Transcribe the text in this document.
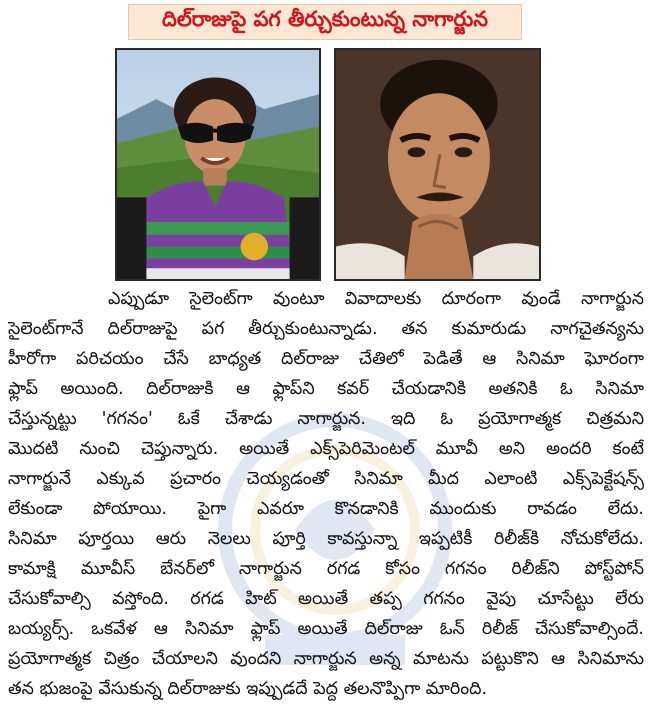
దిల్‌రాజుపై పగ తీర్చుకుంటున్న నాగార్జున
ఎప్పుడూ సైలెంట్‌గా వుంటూ వివాదాలకు దూరంగా వుండే నాగార్జున
సైలెంట్‌గానే దిల్‌రాజుపై పగ తీర్చుకుంటున్నాడు. తన కుమారుడు నాగచైతన్యను
హీరోగా పరిచయం చేసే బాధ్యత దిల్‌రాజు చేతిలో పెడితే ఆ సినిమా ఘోరంగా
ఫ్లాప్ అయింది. దిల్‌రాజుకి ఆ ఫ్లాప్‌ని కవర్ చేయడానికి అతనికి ఓ సినిమా
చేస్తున్నట్టు 'గగనం' ఓకే చేశాడు నాగార్జున. ఇది ఓ ప్రయోగాత్మక చిత్రమని
మొదటి నుంచి చెప్తున్నారు. అయితే ఎక్స్‌పెరిమెంటల్ మూవీ అని అందరి కంటే
నాగార్జునే ఎక్కువ ప్రచారం చెయ్యడంతో సినిమా మీద ఎలాంటి ఎక్స్‌పెక్టేషన్స్
లేకుండా పోయాయి. పైగా ఎవరూ కొనడానికి ముందుకు రావడం లేదు.
సినిమా పూర్తయి ఆరు నెలలు పూర్తి కావస్తున్నా ఇప్పటికీ రిలీజ్‌కి నోచుకోలేదు.
కామాక్షి మూవీస్ బేనర్‌లో నాగార్జున రగడ కోసం గగనం రిలీజ్‌ని పోస్ట్‌పోన్
చేసుకోవాల్సి వస్తోంది. రగడ హిట్ అయితే తప్ప గగనం వైపు చూసేట్టు లేరు
బయ్యర్స్. ఒకవేళ ఆ సినిమా ఫ్లాప్ అయితే దిల్‌రాజు ఓన్ రిలీజ్ చేసుకోవాల్సిందే.
ప్రయోగాత్మక చిత్రం చేయాలని వుందని నాగార్జున అన్న మాటను పట్టుకొని ఆ సినిమాను
తన భుజంపై వేసుకున్న దిల్‌రాజుకు ఇప్పుడదే పెద్ద తలనొప్పిగా మారింది.
